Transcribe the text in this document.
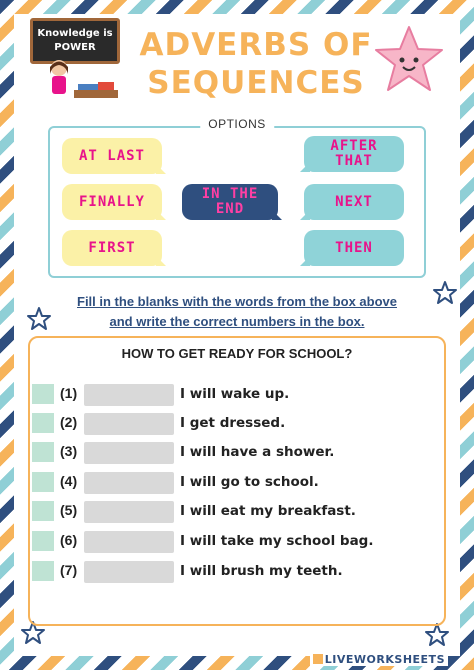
Knowledge is
POWER	ADVERBS OF
SEQUENCES
OPTIONS
AT LAST
FINALLY
FIRST
IN THE END
AFTER THAT
NEXT
THEN
Fill in the blanks with the words from the box above and write the correct numbers in the box.
HOW TO GET READY FOR SCHOOL?
(1)	I will wake up.
(2)	I get dressed.
(3)	I will have a shower.
(4)	I will go to school.
(5)	I will eat my breakfast.
(6)	I will take my school bag.
(7)	I will brush my teeth.
LIVEWORKSHEETS
